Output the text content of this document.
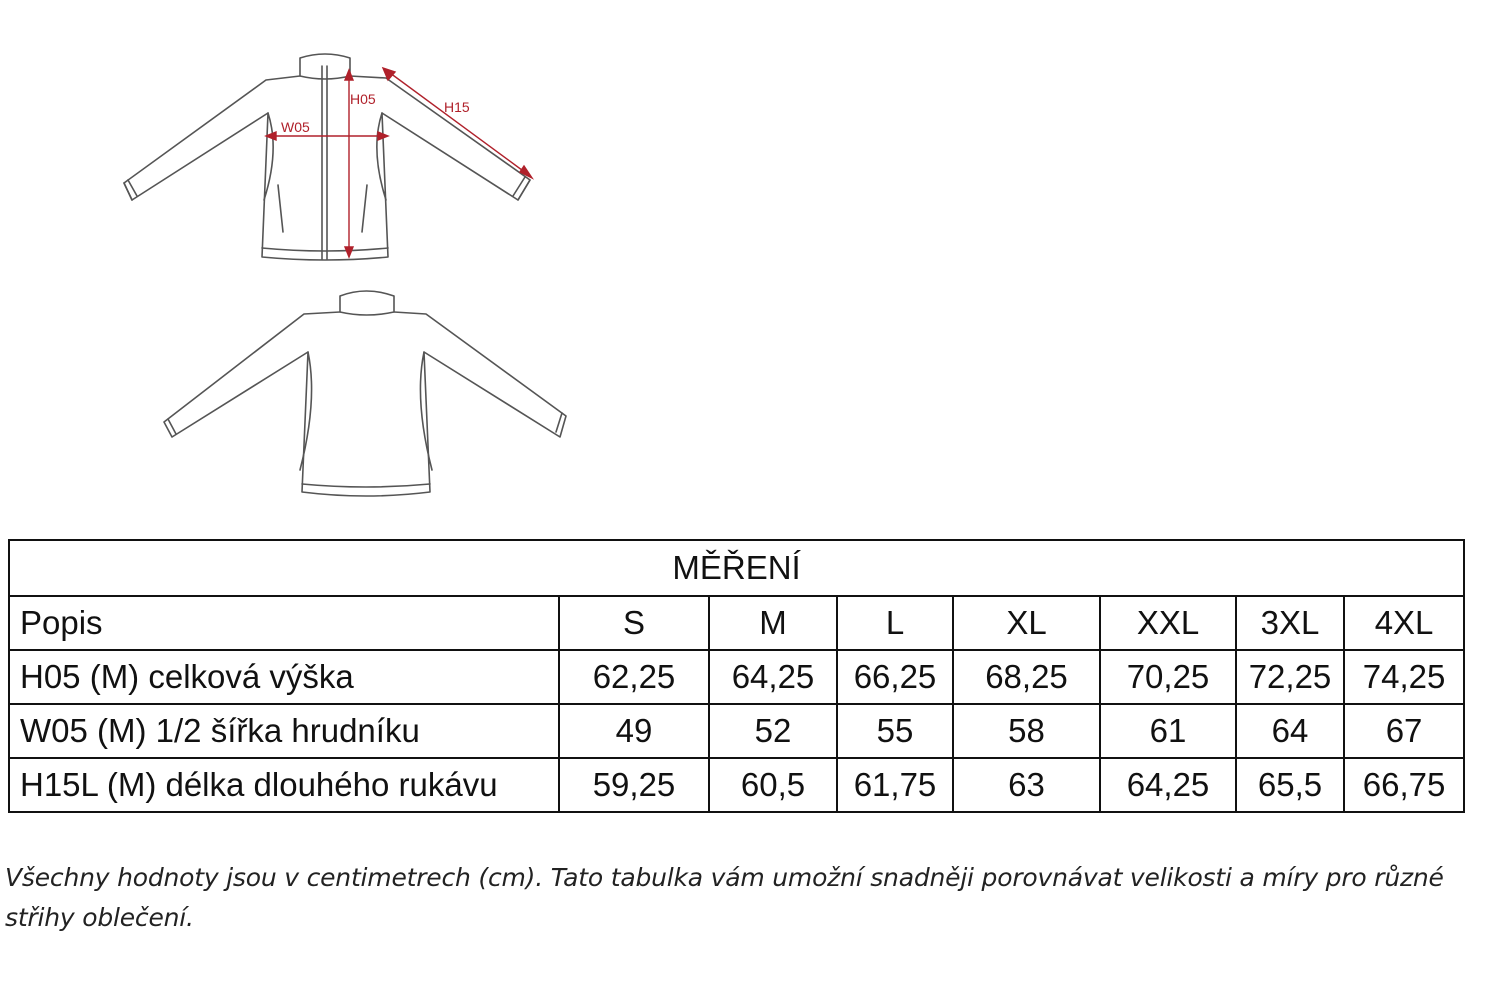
H05
W05
H15
MĚŘENÍ							
Popis	S	M	L	XL	XXL	3XL	4XL
H05 (M) celková výška	62,25	64,25	66,25	68,25	70,25	72,25	74,25
W05 (M) 1/2 šířka hrudníku	49	52	55	58	61	64	67
H15L (M) délka dlouhého rukávu	59,25	60,5	61,75	63	64,25	65,5	66,75
Všechny hodnoty jsou v centimetrech (cm). Tato tabulka vám umožní snadněji porovnávat velikosti a míry pro různé střihy oblečení.
